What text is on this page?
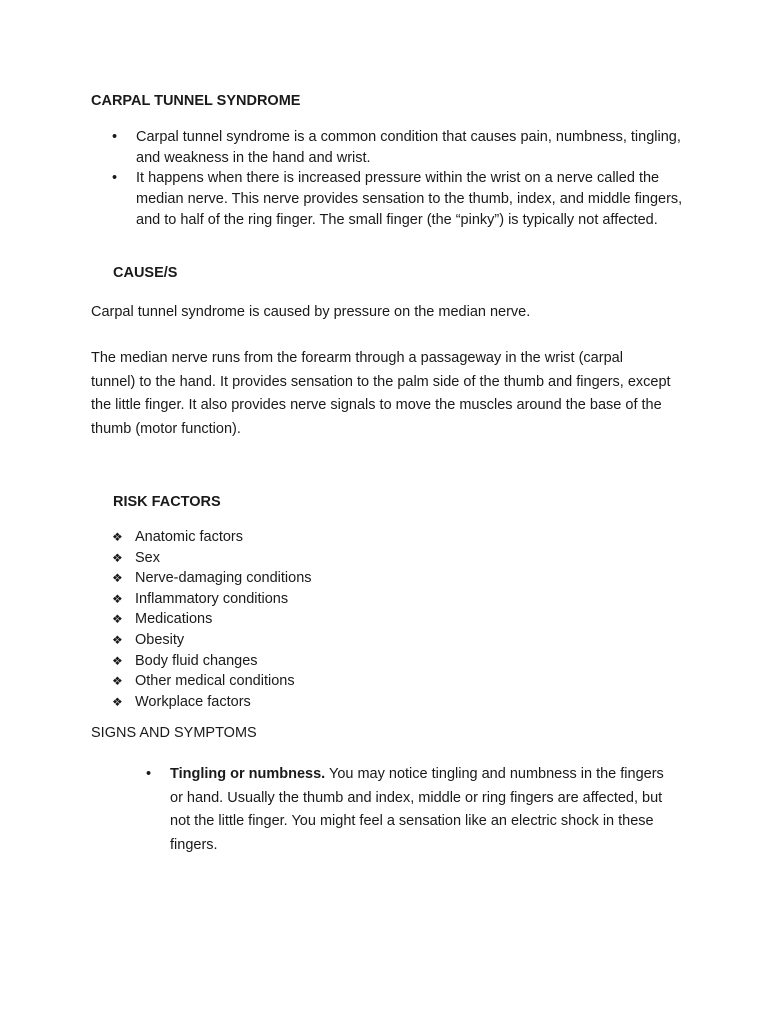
CARPAL TUNNEL SYNDROME
• Carpal tunnel syndrome is a common condition that causes pain, numbness, tingling, and weakness in the hand and wrist.
• It happens when there is increased pressure within the wrist on a nerve called the median nerve. This nerve provides sensation to the thumb, index, and middle fingers, and to half of the ring finger. The small finger (the “pinky”) is typically not affected.
CAUSE/S
Carpal tunnel syndrome is caused by pressure on the median nerve.
The median nerve runs from the forearm through a passageway in the wrist (carpal tunnel) to the hand. It provides sensation to the palm side of the thumb and fingers, except the little finger. It also provides nerve signals to move the muscles around the base of the thumb (motor function).
RISK FACTORS
❖ Anatomic factors
❖ Sex
❖ Nerve-damaging conditions
❖ Inflammatory conditions
❖ Medications
❖ Obesity
❖ Body fluid changes
❖ Other medical conditions
❖ Workplace factors
SIGNS AND SYMPTOMS
• Tingling or numbness. You may notice tingling and numbness in the fingers or hand. Usually the thumb and index, middle or ring fingers are affected, but not the little finger. You might feel a sensation like an electric shock in these fingers.
